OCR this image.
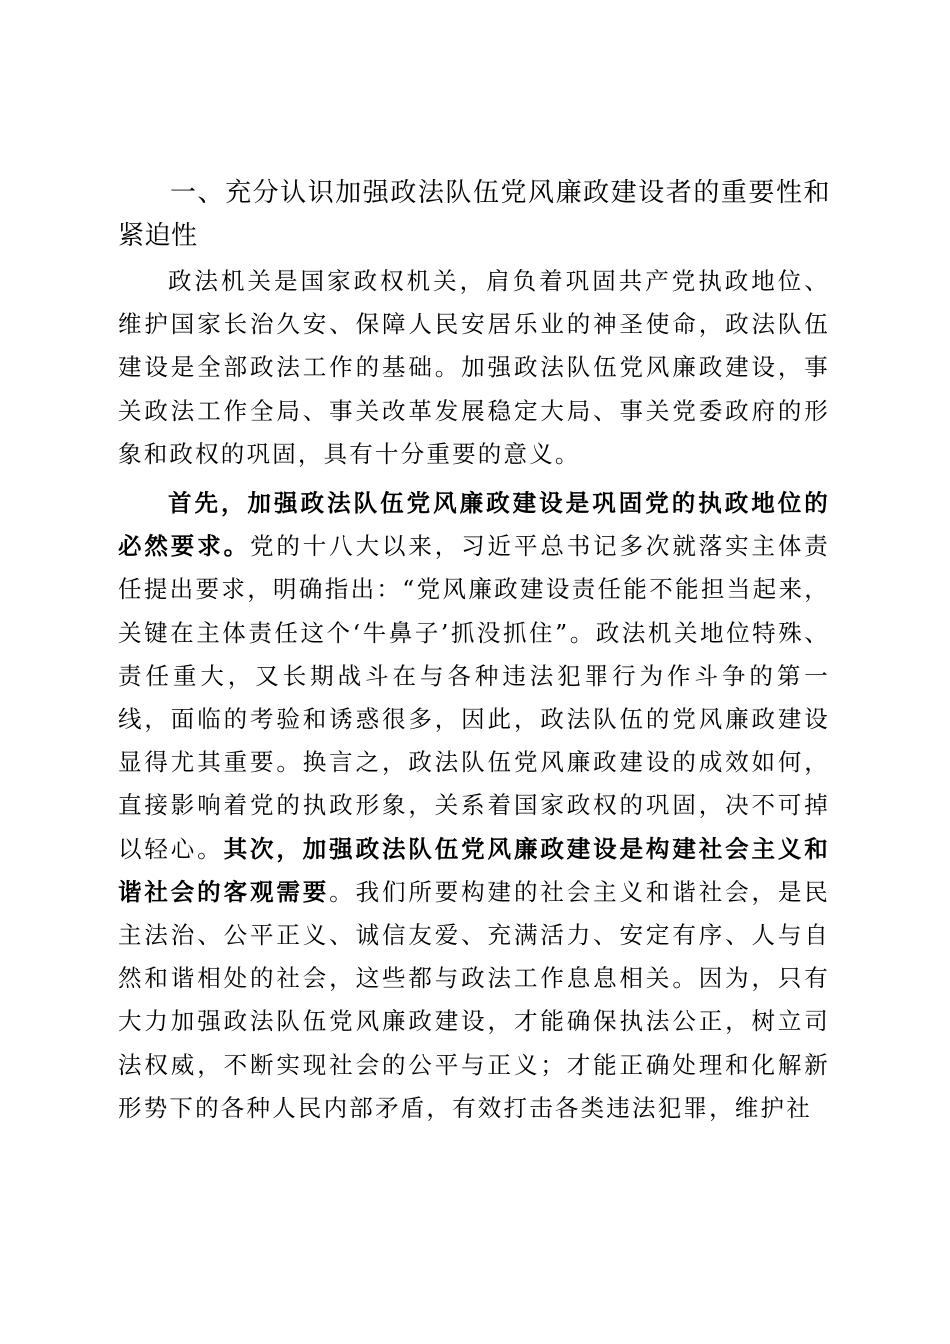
一、充分认识加强政法队伍党风廉政建设者的重要性和紧迫性

政法机关是国家政权机关，肩负着巩固共产党执政地位、维护国家长治久安、保障人民安居乐业的神圣使命，政法队伍建设是全部政法工作的基础。加强政法队伍党风廉政建设，事关政法工作全局、事关改革发展稳定大局、事关党委政府的形象和政权的巩固，具有十分重要的意义。

首先，加强政法队伍党风廉政建设是巩固党的执政地位的必然要求。党的十八大以来，习近平总书记多次就落实主体责任提出要求，明确指出：“党风廉政建设责任能不能担当起来，关键在主体责任这个‘牛鼻子’抓没抓住”。政法机关地位特殊、责任重大，又长期战斗在与各种违法犯罪行为作斗争的第一线，面临的考验和诱惑很多，因此，政法队伍的党风廉政建设显得尤其重要。换言之，政法队伍党风廉政建设的成效如何，直接影响着党的执政形象，关系着国家政权的巩固，决不可掉以轻心。其次，加强政法队伍党风廉政建设是构建社会主义和谐社会的客观需要。我们所要构建的社会主义和谐社会，是民主法治、公平正义、诚信友爱、充满活力、安定有序、人与自然和谐相处的社会，这些都与政法工作息息相关。因为，只有大力加强政法队伍党风廉政建设，才能确保执法公正，树立司法权威，不断实现社会的公平与正义；才能正确处理和化解新形势下的各种人民内部矛盾，有效打击各类违法犯罪，维护社
